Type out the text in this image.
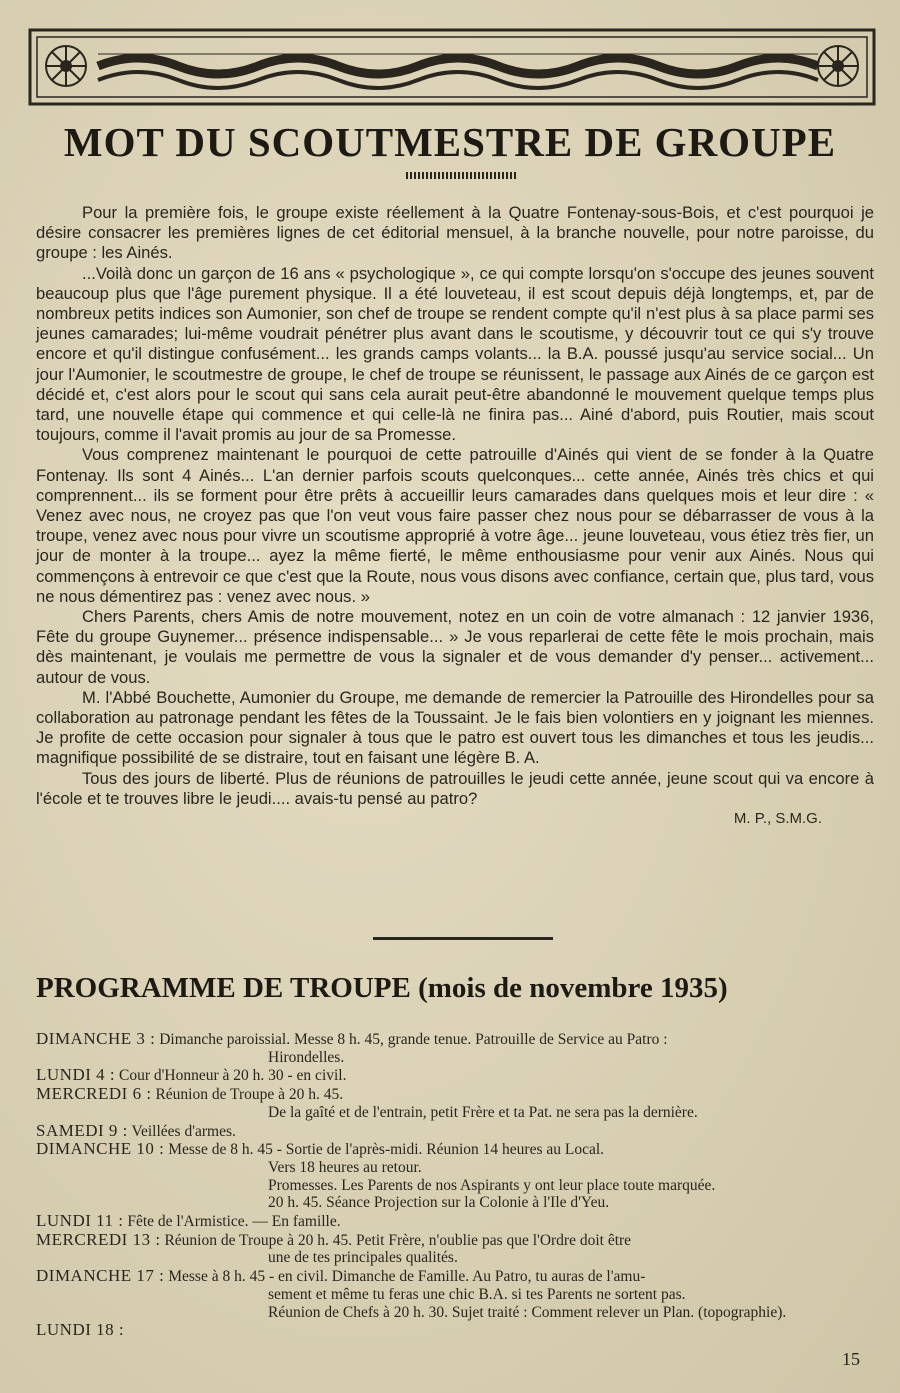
MOT DU SCOUTMESTRE DE GROUPE

Pour la première fois, le groupe existe réellement à la Quatre Fontenay-sous-Bois, et c'est pourquoi je désire consacrer les premières lignes de cet éditorial mensuel, à la branche nouvelle, pour notre paroisse, du groupe : les Ainés.

...Voilà donc un garçon de 16 ans « psychologique », ce qui compte lorsqu'on s'occupe des jeunes souvent beaucoup plus que l'âge purement physique. Il a été louveteau, il est scout depuis déjà longtemps, et, par de nombreux petits indices son Aumonier, son chef de troupe se rendent compte qu'il n'est plus à sa place parmi ses jeunes camarades; lui-même voudrait pénétrer plus avant dans le scoutisme, y découvrir tout ce qui s'y trouve encore et qu'il distingue confusément... les grands camps volants... la B.A. poussé jusqu'au service social... Un jour l'Aumonier, le scoutmestre de groupe, le chef de troupe se réunissent, le passage aux Ainés de ce garçon est décidé et, c'est alors pour le scout qui sans cela aurait peut-être abandonné le mouvement quelque temps plus tard, une nouvelle étape qui commence et qui celle-là ne finira pas... Ainé d'abord, puis Routier, mais scout toujours, comme il l'avait promis au jour de sa Promesse.

Vous comprenez maintenant le pourquoi de cette patrouille d'Ainés qui vient de se fonder à la Quatre Fontenay. Ils sont 4 Ainés... L'an dernier parfois scouts quelconques... cette année, Ainés très chics et qui comprennent... ils se forment pour être prêts à accueillir leurs camarades dans quelques mois et leur dire : « Venez avec nous, ne croyez pas que l'on veut vous faire passer chez nous pour se débarrasser de vous à la troupe, venez avec nous pour vivre un scoutisme approprié à votre âge... jeune louveteau, vous étiez très fier, un jour de monter à la troupe... ayez la même fierté, le même enthousiasme pour venir aux Ainés. Nous qui commençons à entrevoir ce que c'est que la Route, nous vous disons avec confiance, certain que, plus tard, vous ne nous démentirez pas : venez avec nous. »

Chers Parents, chers Amis de notre mouvement, notez en un coin de votre almanach : 12 janvier 1936, Fête du groupe Guynemer... présence indispensable... » Je vous reparlerai de cette fête le mois prochain, mais dès maintenant, je voulais me permettre de vous la signaler et de vous demander d'y penser... activement... autour de vous.

M. l'Abbé Bouchette, Aumonier du Groupe, me demande de remercier la Patrouille des Hirondelles pour sa collaboration au patronage pendant les fêtes de la Toussaint. Je le fais bien volontiers en y joignant les miennes. Je profite de cette occasion pour signaler à tous que le patro est ouvert tous les dimanches et tous les jeudis... magnifique possibilité de se distraire, tout en faisant une légère B. A.

Tous des jours de liberté. Plus de réunions de patrouilles le jeudi cette année, jeune scout qui va encore à l'école et te trouves libre le jeudi.... avais-tu pensé au patro?

M. P., S.M.G.

PROGRAMME DE TROUPE (mois de novembre 1935)
DIMANCHE 3 : Dimanche paroissial. Messe 8 h. 45, grande tenue. Patrouille de Service au Patro :
Hirondelles.
LUNDI 4 : Cour d'Honneur à 20 h. 30 - en civil.
MERCREDI 6 : Réunion de Troupe à 20 h. 45.
De la gaîté et de l'entrain, petit Frère et ta Pat. ne sera pas la dernière.
SAMEDI 9 : Veillées d'armes.
DIMANCHE 10 : Messe de 8 h. 45 - Sortie de l'après-midi. Réunion 14 heures au Local.
Vers 18 heures au retour.
Promesses. Les Parents de nos Aspirants y ont leur place toute marquée.
20 h. 45. Séance Projection sur la Colonie à l'Ile d'Yeu.
LUNDI 11 : Fête de l'Armistice. — En famille.
MERCREDI 13 : Réunion de Troupe à 20 h. 45. Petit Frère, n'oublie pas que l'Ordre doit être
une de tes principales qualités.
DIMANCHE 17 : Messe à 8 h. 45 - en civil. Dimanche de Famille. Au Patro, tu auras de l'amu-
sement et même tu feras une chic B.A. si tes Parents ne sortent pas.
Réunion de Chefs à 20 h. 30. Sujet traité : Comment relever un Plan. (topographie).
LUNDI 18 :

15
